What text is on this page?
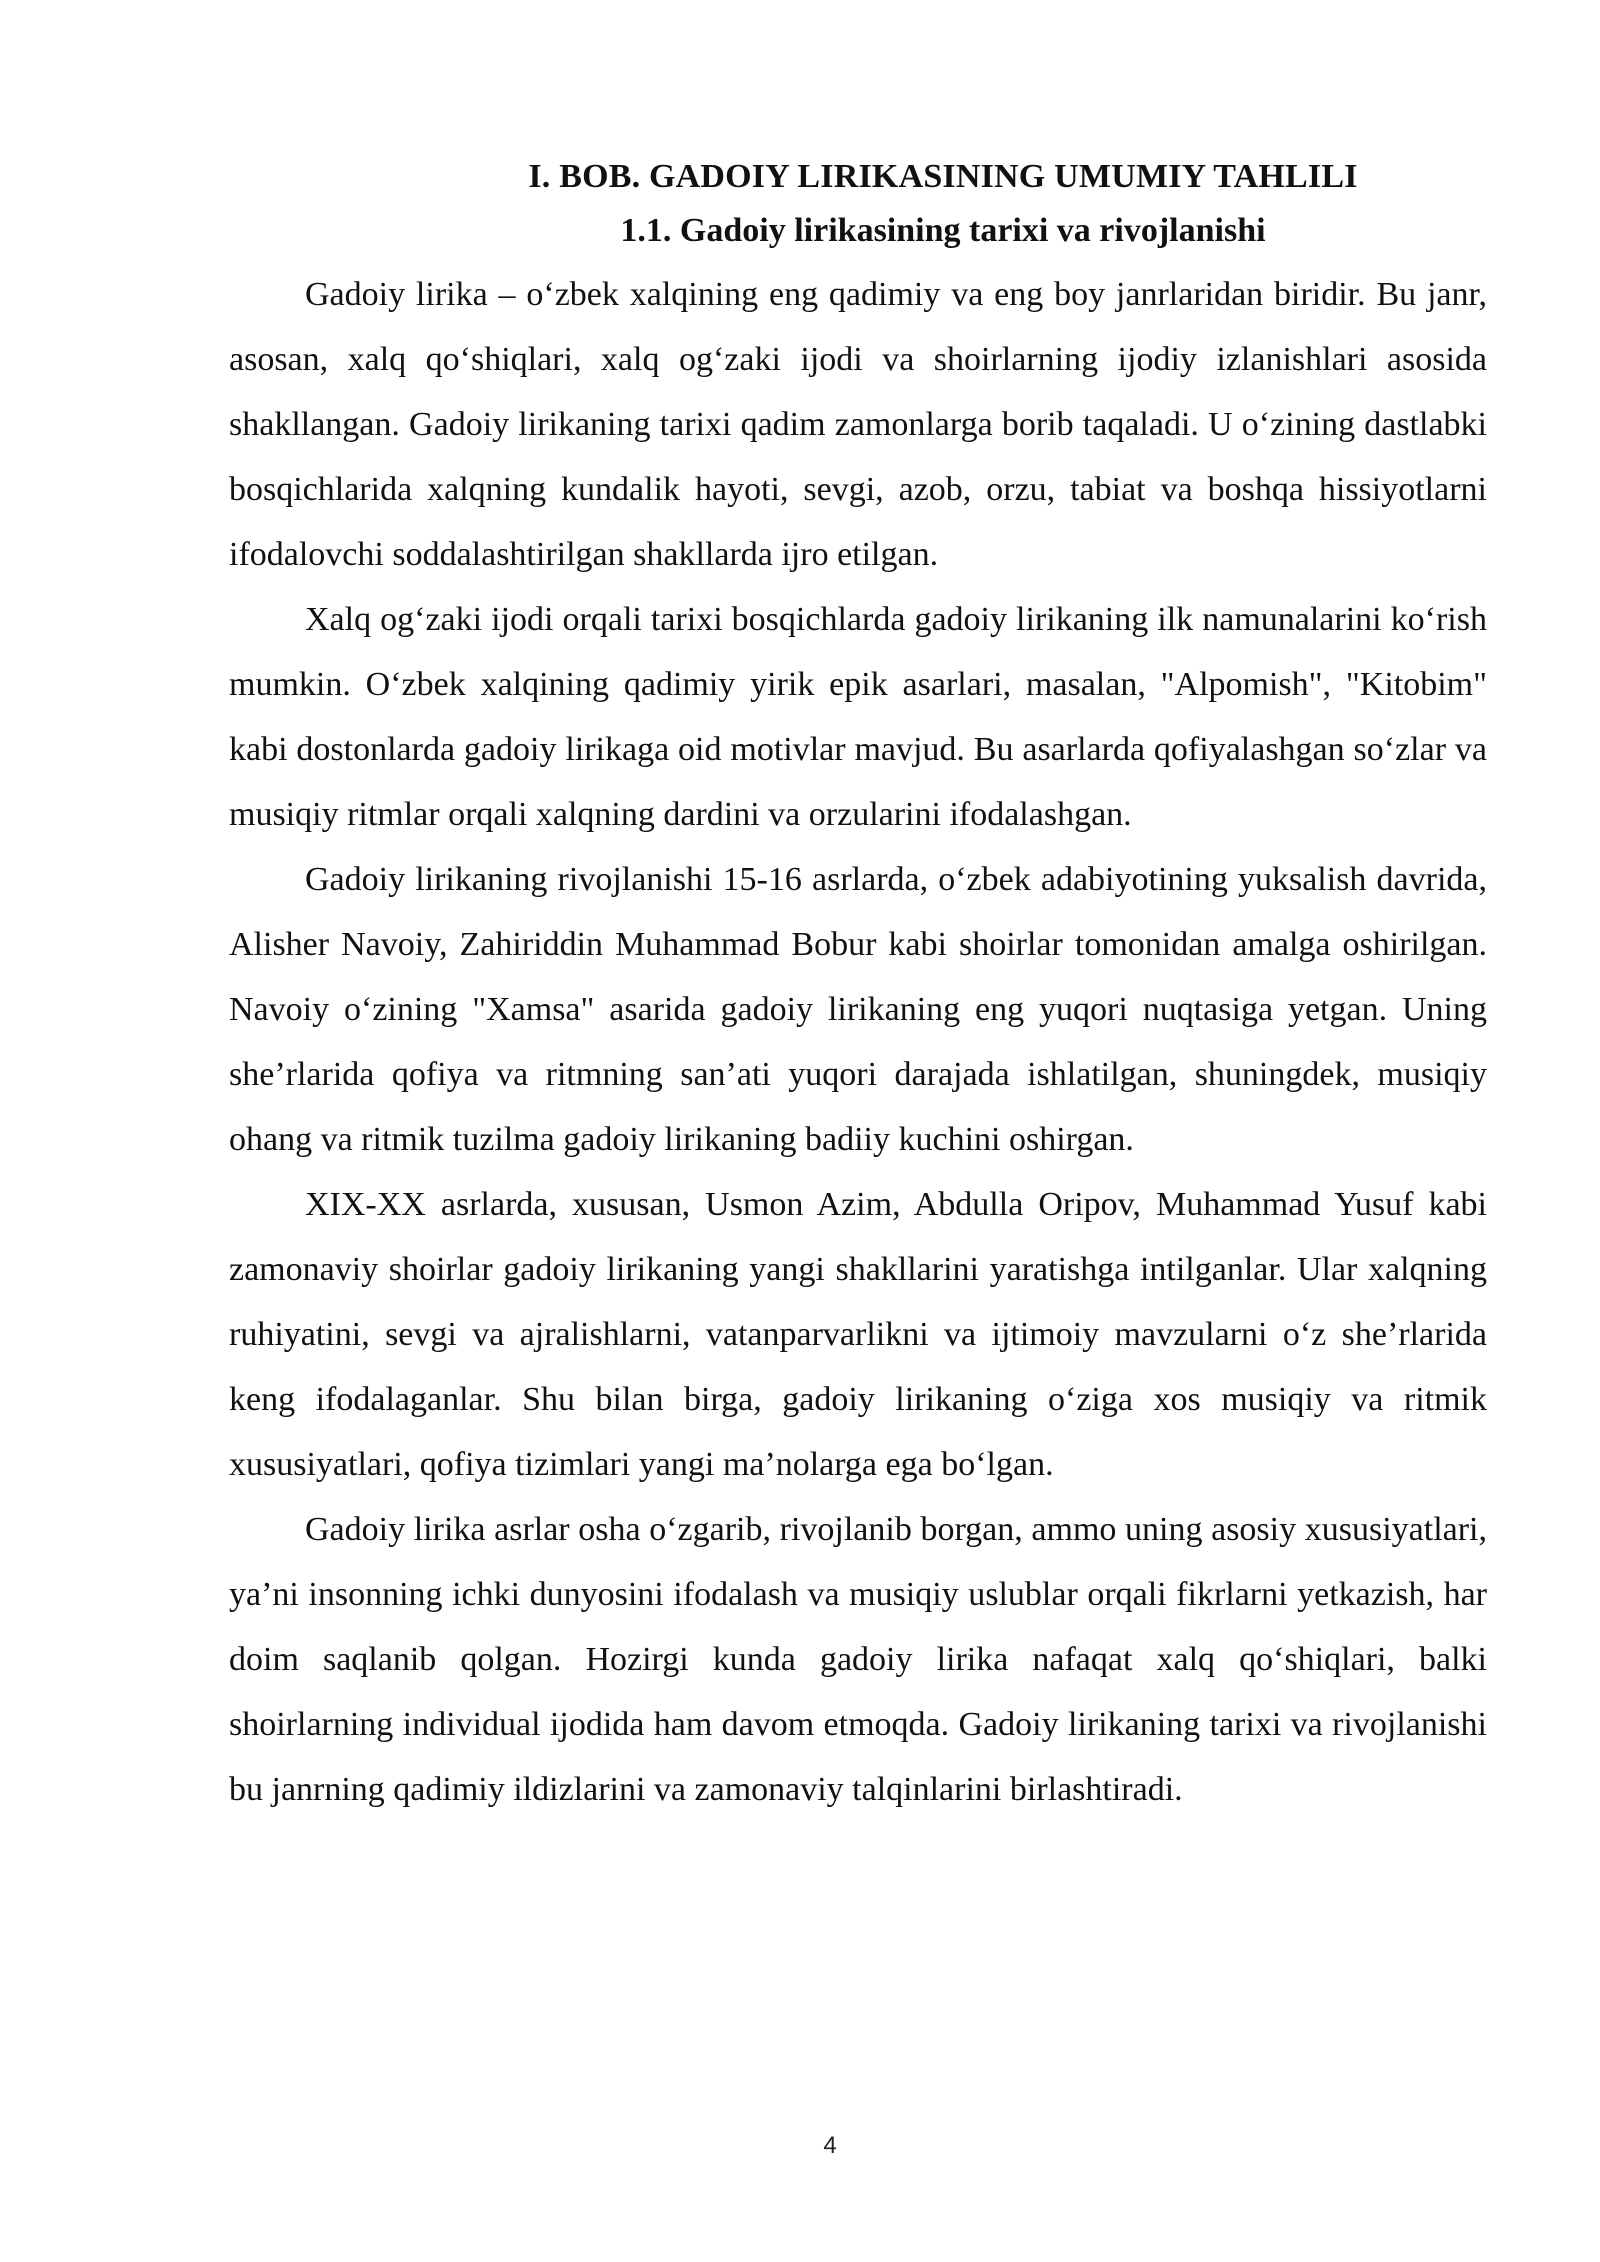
I. BOB. GADOIY LIRIKASINING UMUMIY TAHLILI
1.1. Gadoiy lirikasining tarixi va rivojlanishi

Gadoiy lirika – o‘zbek xalqining eng qadimiy va eng boy janrlaridan biridir. Bu janr, asosan, xalq qo‘shiqlari, xalq og‘zaki ijodi va shoirlarning ijodiy izlanishlari asosida shakllangan. Gadoiy lirikaning tarixi qadim zamonlarga borib taqaladi. U o‘zining dastlabki bosqichlarida xalqning kundalik hayoti, sevgi, azob, orzu, tabiat va boshqa hissiyotlarni ifodalovchi soddalashtirilgan shakllarda ijro etilgan.

Xalq og‘zaki ijodi orqali tarixi bosqichlarda gadoiy lirikaning ilk namunalarini ko‘rish mumkin. O‘zbek xalqining qadimiy yirik epik asarlari, masalan, "Alpomish", "Kitobim" kabi dostonlarda gadoiy lirikaga oid motivlar mavjud. Bu asarlarda qofiyalashgan so‘zlar va musiqiy ritmlar orqali xalqning dardini va orzularini ifodalashgan.

Gadoiy lirikaning rivojlanishi 15-16 asrlarda, o‘zbek adabiyotining yuksalish davrida, Alisher Navoiy, Zahiriddin Muhammad Bobur kabi shoirlar tomonidan amalga oshirilgan. Navoiy o‘zining "Xamsa" asarida gadoiy lirikaning eng yuqori nuqtasiga yetgan. Uning she’rlarida qofiya va ritmning san’ati yuqori darajada ishlatilgan, shuningdek, musiqiy ohang va ritmik tuzilma gadoiy lirikaning badiiy kuchini oshirgan.

XIX-XX asrlarda, xususan, Usmon Azim, Abdulla Oripov, Muhammad Yusuf kabi zamonaviy shoirlar gadoiy lirikaning yangi shakllarini yaratishga intilganlar. Ular xalqning ruhiyatini, sevgi va ajralishlarni, vatanparvarlikni va ijtimoiy mavzularni o‘z she’rlarida keng ifodalaganlar. Shu bilan birga, gadoiy lirikaning o‘ziga xos musiqiy va ritmik xususiyatlari, qofiya tizimlari yangi ma’nolarga ega bo‘lgan.

Gadoiy lirika asrlar osha o‘zgarib, rivojlanib borgan, ammo uning asosiy xususiyatlari, ya’ni insonning ichki dunyosini ifodalash va musiqiy uslublar orqali fikrlarni yetkazish, har doim saqlanib qolgan. Hozirgi kunda gadoiy lirika nafaqat xalq qo‘shiqlari, balki shoirlarning individual ijodida ham davom etmoqda. Gadoiy lirikaning tarixi va rivojlanishi bu janrning qadimiy ildizlarini va zamonaviy talqinlarini birlashtiradi.

4
